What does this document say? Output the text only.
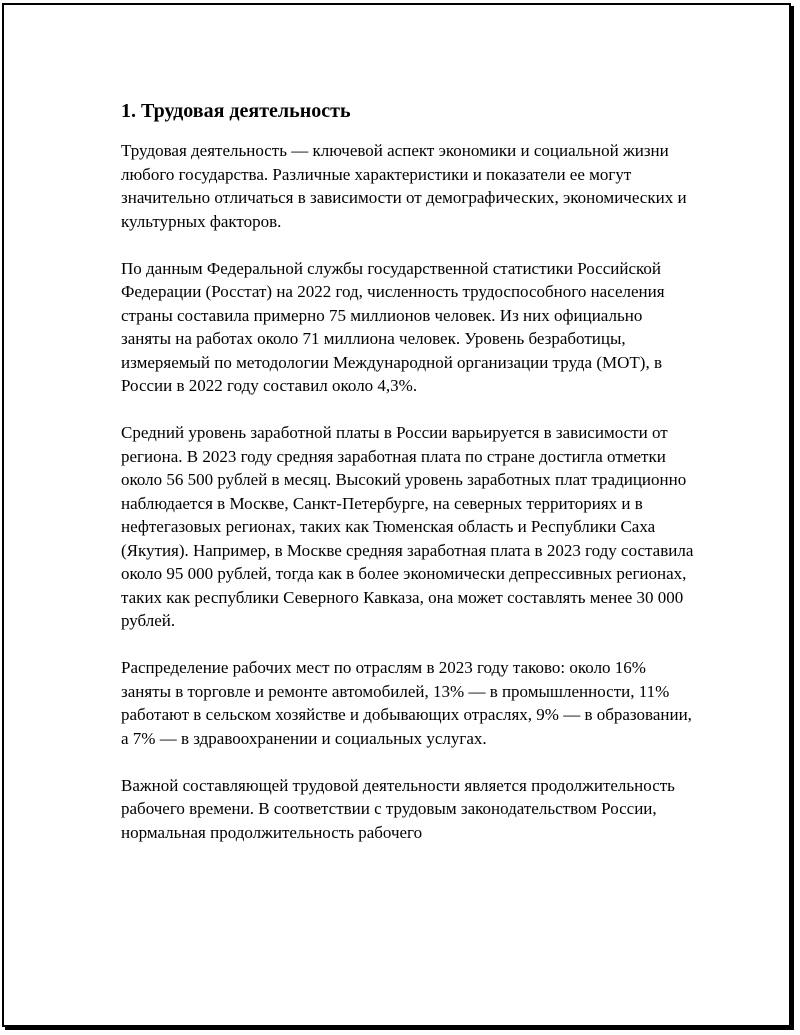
1. Трудовая деятельность

Трудовая деятельность — ключевой аспект экономики и социальной жизни любого государства. Различные характеристики и показатели ее могут значительно отличаться в зависимости от демографических, экономических и культурных факторов.

По данным Федеральной службы государственной статистики Российской Федерации (Росстат) на 2022 год, численность трудоспособного населения страны составила примерно 75 миллионов человек. Из них официально заняты на работах около 71 миллиона человек. Уровень безработицы, измеряемый по методологии Международной организации труда (МОТ), в России в 2022 году составил около 4,3%.

Средний уровень заработной платы в России варьируется в зависимости от региона. В 2023 году средняя заработная плата по стране достигла отметки около 56 500 рублей в месяц. Высокий уровень заработных плат традиционно наблюдается в Москве, Санкт-Петербурге, на северных территориях и в нефтегазовых регионах, таких как Тюменская область и Республики Саха (Якутия). Например, в Москве средняя заработная плата в 2023 году составила около 95 000 рублей, тогда как в более экономически депрессивных регионах, таких как республики Северного Кавказа, она может составлять менее 30 000 рублей.

Распределение рабочих мест по отраслям в 2023 году таково: около 16% заняты в торговле и ремонте автомобилей, 13% — в промышленности, 11% работают в сельском хозяйстве и добывающих отраслях, 9% — в образовании, а 7% — в здравоохранении и социальных услугах.

Важной составляющей трудовой деятельности является продолжительность рабочего времени. В соответствии с трудовым законодательством России, нормальная продолжительность рабочего
